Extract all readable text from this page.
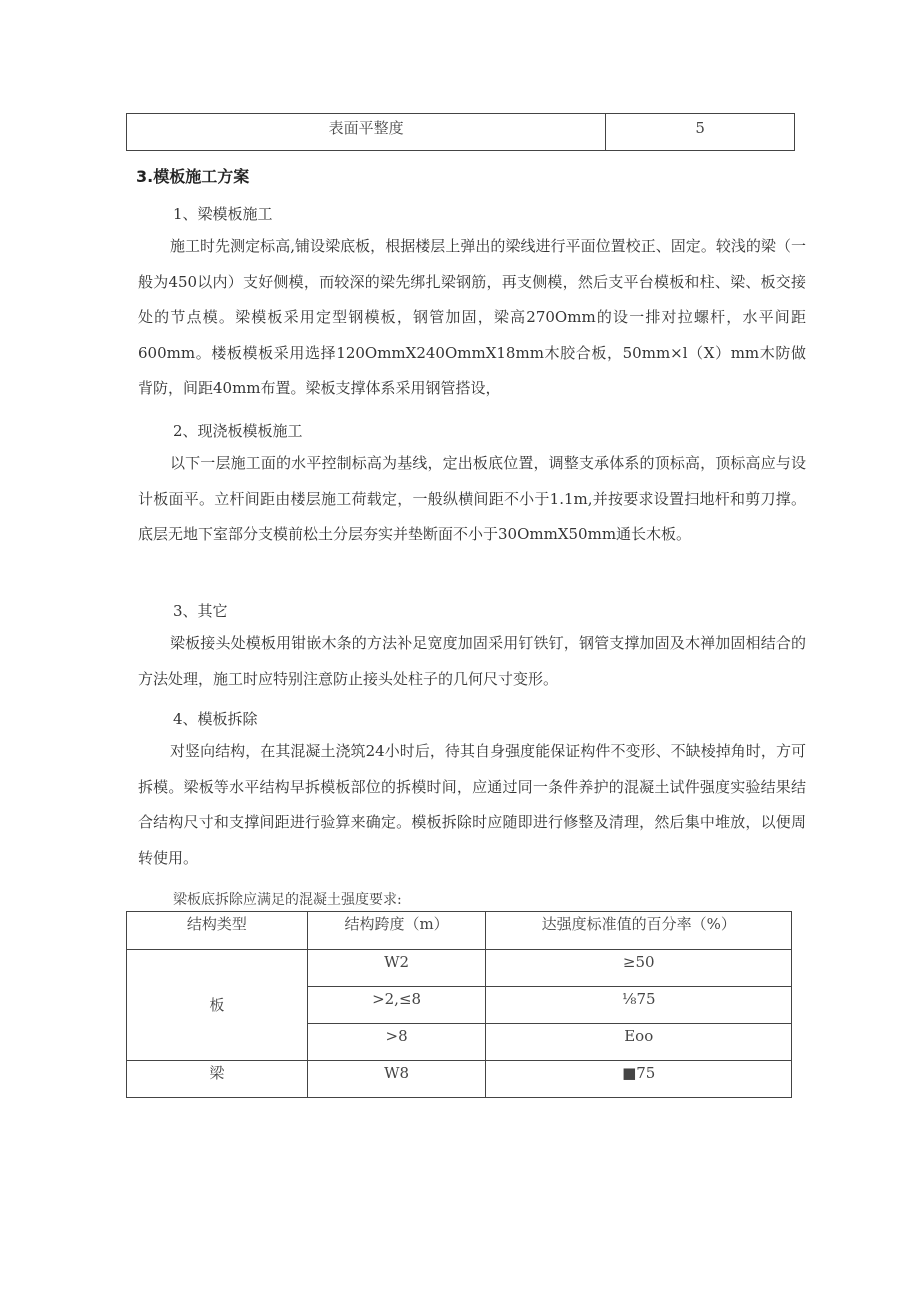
表面平整度	5
3.模板施工方案
1、梁模板施工
施工时先测定标高,铺设梁底板，根据楼层上弹出的梁线进行平面位置校正、固定。较浅的梁（一般为450以内）支好侧模，而较深的梁先绑扎梁钢筋，再支侧模，然后支平台模板和柱、梁、板交接处的节点模。梁模板采用定型钢模板，钢管加固，梁高270Omm的设一排对拉螺杆，水平间距600mm。楼板模板采用选择120OmmX240OmmX18mm木胶合板，50mm×l（X）mm木防做背防，间距40mm布置。梁板支撑体系采用钢管搭设，
2、现浇板模板施工
以下一层施工面的水平控制标高为基线，定出板底位置，调整支承体系的顶标高，顶标高应与设计板面平。立杆间距由楼层施工荷载定，一般纵横间距不小于1.1m,并按要求设置扫地杆和剪刀撑。底层无地下室部分支模前松土分层夯实并垫断面不小于30OmmX50mm通长木板。
3、其它
梁板接头处模板用钳嵌木条的方法补足宽度加固采用钉铁钉，钢管支撑加固及木禅加固相结合的方法处理，施工时应特别注意防止接头处柱子的几何尺寸变形。
4、模板拆除
对竖向结构，在其混凝土浇筑24小时后，待其自身强度能保证构件不变形、不缺棱掉角时，方可拆模。梁板等水平结构早拆模板部位的拆模时间，应通过同一条件养护的混凝土试件强度实验结果结合结构尺寸和支撑间距进行验算来确定。模板拆除时应随即进行修整及清理，然后集中堆放，以便周转使用。
梁板底拆除应满足的混凝土强度要求:
结构类型	结构跨度（m）	达强度标准值的百分率（%）
板	W2	≥50
	>2,≤8	⅛75
	>8	Eoo
梁	W8	■75
